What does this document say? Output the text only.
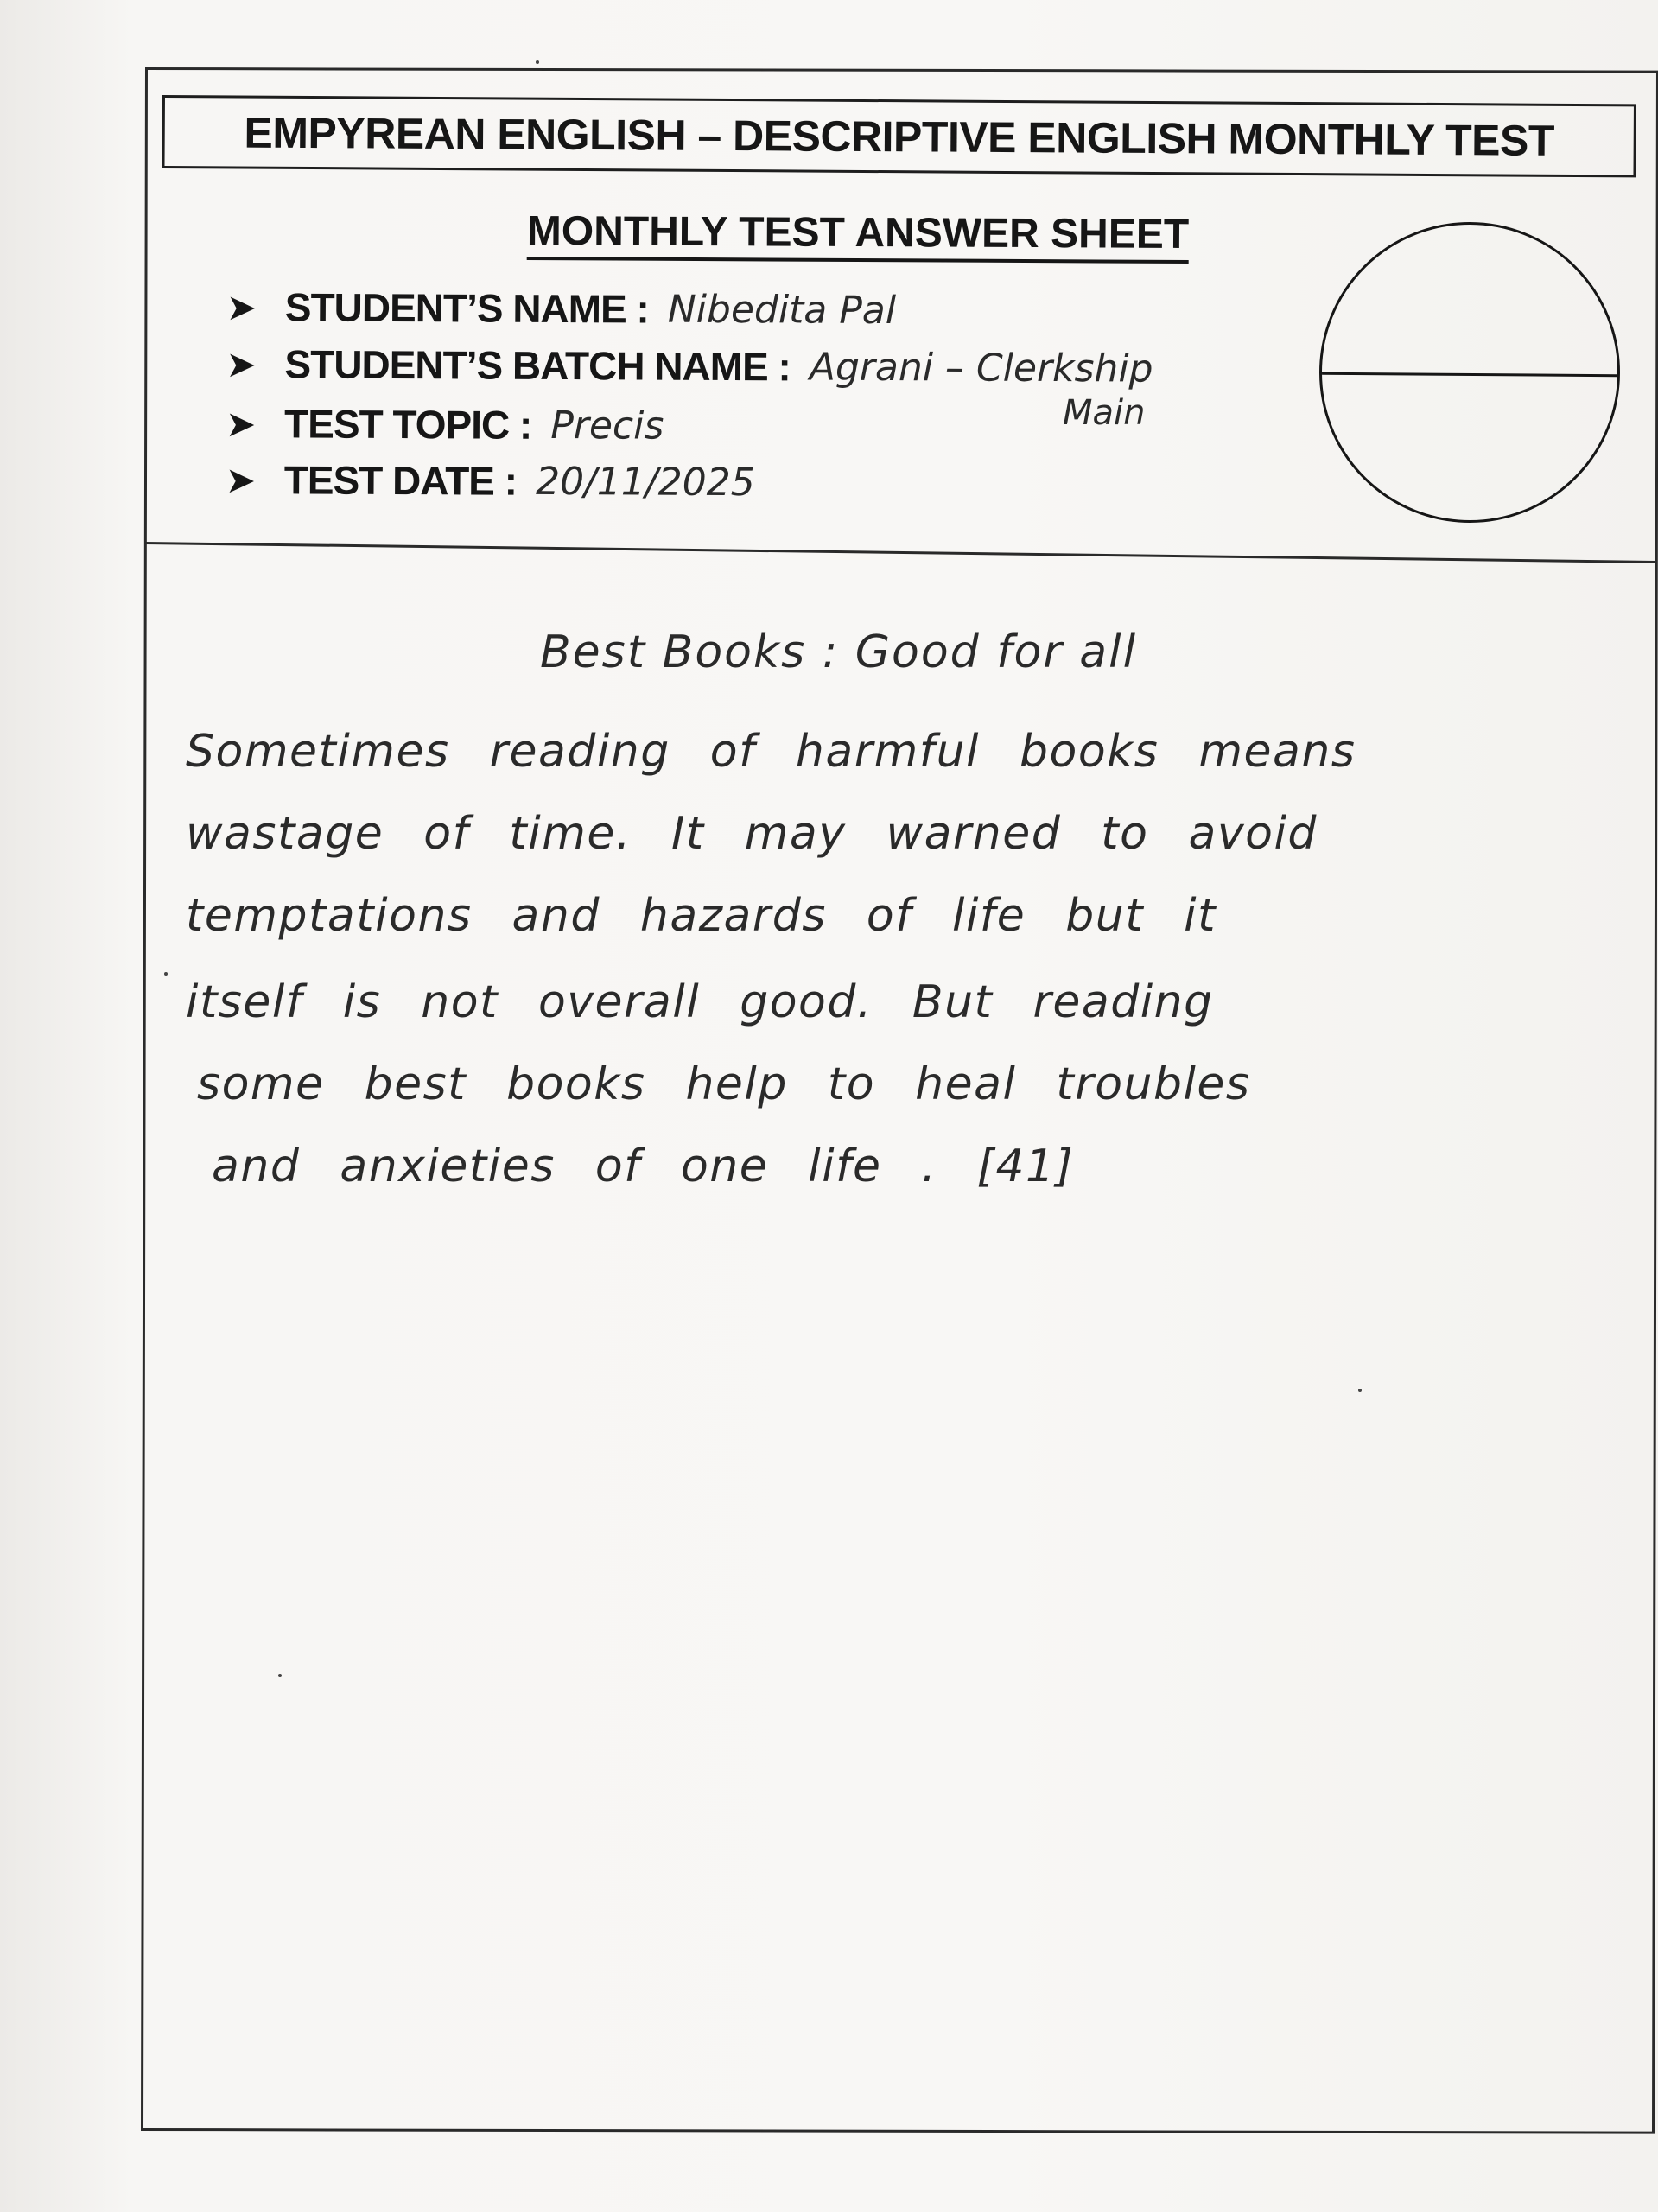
EMPYREAN ENGLISH – DESCRIPTIVE ENGLISH MONTHLY TEST
MONTHLY TEST ANSWER SHEET
➤ STUDENT’S NAME : Nibedita Pal
➤ STUDENT’S BATCH NAME : Agrani – Clerkship
➤ TEST TOPIC : Precis
➤ TEST DATE : 20/11/2025
Main
Best Books : Good for all
Sometimes reading of harmful books means
wastage of time. It may warned to avoid
temptations and hazards of life but it
itself is not overall good. But reading
some best books help to heal troubles
and anxieties of one life . [41]
